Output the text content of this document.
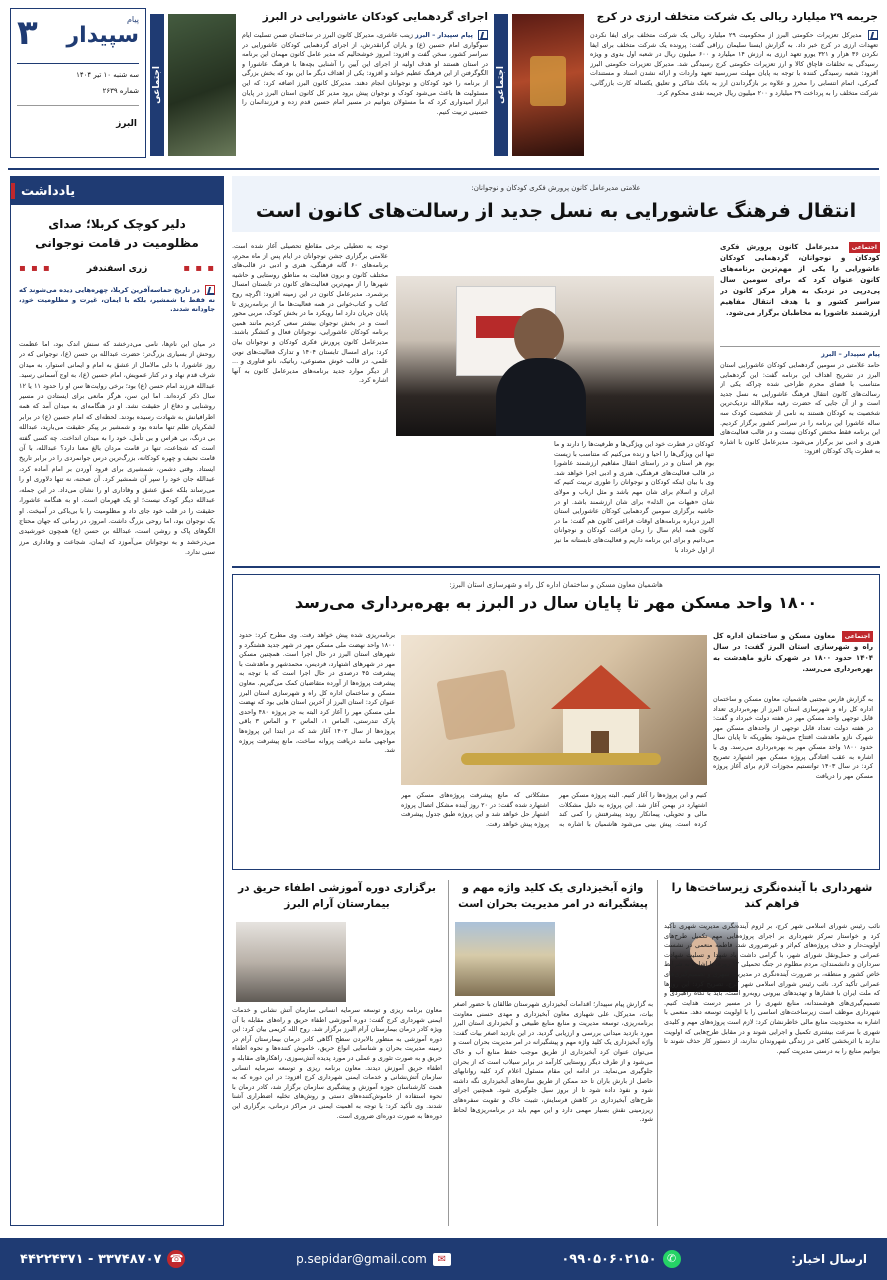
۳	پیام
سپیدار
سه شنبه ۱۰ تیر ۱۴۰۴
شماره ۲۶۳۹
البرز
اجتماعی
اجرای گردهمایی کودکان عاشورایی در البرز
پیام سپیدار – البرز زینب عاشری، مدیرکل کانون البرز در ساختمان ضمن تسلیت ایام سوگواری امام حسین (ع) و یاران گرانقدرش، از اجرای گردهمایی کودکان عاشورایی در سراسر کشور، سخن گفت و افزود: امروز خوشحالیم که مدیر عامل کانون مهمان این برنامه در استان هستند او هدف اولیه از اجرای این آیین را آشنایی بچه‌ها با فرهنگ عاشورا و الگوگرفتن از این فرهنگ عظیم خواند و افزود: یکی از اهداف دیگر ما این بود که بخش بزرگی از برنامه را خود کودکان و نوجوانان انجام دهند. مدیرکل کانون البرز اضافه کرد: که این مسئولیت ها باعث می‌شود کودک و نوجوان پیش برود مدیر کل کانون استان البرز در پایان ابراز امیدواری کرد که ما مسئولان بتوانیم در مسیر امام حسین قدم زده و فرزندانمان را حسینی تربیت کنیم.
اجتماعی
جریمه ۲۹ میلیارد ریالی یک شرکت متخلف ارزی در کرج
مدیرکل تعزیرات حکومتی البرز از محکومیت ۲۹ میلیارد ریالی یک شرکت متخلف برای ایفا نکردن تعهدات ارزی در کرج خبر داد. به گزارش ایسنا سلیمان رزاقی گفت: پرونده یک شرکت متخلف برای ایفا نکردن ۳۶ هزار و ۳۲۱ یورو تعهد ارزی به ارزش ۱۴ میلیارد و ۶۰۰ میلیون ریال در شعبه اول بدوی و ویژه رسیدگی به تخلفات قاچاق کالا و ارز تعزیرات حکومتی کرج رسیدگی شد. مدیرکل تعزیرات حکومتی البرز افزود: شعبه رسیدگی کننده با توجه به پایان مهلت سررسید تعهد واردات و ارائه نشدن اسناد و مستندات گمرکی، اتمام انتسابی را محرز و علاوه بر بازگرداندن ارز به بانک شاکی و تعلیق یکساله کارت بازرگانی، شرکت متخلف را به پرداخت ۲۹ میلیارد و ۲۰۰ میلیون ریال جریمه نقدی محکوم کرد.
یادداشت
دلیر کوچک کربلا؛ صدای مظلومیت در قامت نوجوانی
▪ ▪ ▪
زری اسفندفر
▪ ▪ ▪
در تاریخ حماسه‌آفرین کربلا، چهره‌هایی دیده می‌شوند که نه فقط با شمشیر، بلکه با ایمان، غیرت و مظلومیت خود، جاودانه شدند.
در میان این نام‌ها، نامی می‌درخشد که سنش اندک بود، اما عظمت روحش از بسیاری بزرگ‌تر: حضرت عبدالله بن حسن (ع)، نوجوانی که در روز عاشورا، با دلی مالامال از عشق به امام و ایمانی استوار، به میدان شرف قدم نهاد و در کنار عمویش، امام حسین (ع)، به اوج آسمانی رسید. عبدالله فرزند امام حسن (ع) بود؛ برخی روایت‌ها سن او را حدود ۱۱ یا ۱۲ سال ذکر کرده‌اند. اما این سن، هرگز مانعی برای ایستادن در مسیر روشنایی و دفاع از حقیقت نشد. او در هنگامه‌ای به میدان آمد که همه اطرافیانش به شهادت رسیده بودند. لحظه‌ای که امام حسین (ع) در برابر لشکریان ظلم تنها مانده بود و شمشیر بر پیکر حقیقت می‌بارید، عبدالله بی درنگ، بی هراس و بی تأمل، خود را به میدان انداخت. چه کسی گفته است که شجاعت، تنها در قامت مردان بالغ معنا دارد؟ عبدالله، با آن قامت نحیف و چهره کودکانه، بزرگ‌ترین درس جوانمردی را در برابر تاریخ ایستاد. وقتی دشمن، شمشیری برای فرود آوردن بر امام آماده کرد، عبدالله جان خود را سپر آن شمشیر کرد. آن صحنه، نه تنها دلاوری او را می‌رساند بلکه عمق عشق و وفاداری او را نشان می‌داد. در این جمله، عبدالله دیگر کودک نیست؛ او یک قهرمان است. او به هنگامه عاشورا، حقیقت را در قلب خود جای داد و مظلومیت را با بی‌باکی در آمیخت. او یک نوجوان بود، اما روحی بزرگ داشت. امروز، در زمانی که جهان محتاج الگوهای پاک و روشن است، عبدالله بن حسن (ع) همچون خورشیدی می‌درخشد و به نوجوانان می‌آموزد که ایمان، شجاعت و وفاداری مرز سنی ندارد.
علامتی مدیرعامل کانون پرورش فکری کودکان و نوجوانان:
انتقال فرهنگ عاشورایی به نسل جدید از رسالت‌های کانون است
اجتماعی مدیرعامل کانون پرورش فکری کودکان و نوجوانان، گردهمایی کودکان عاشورایی را یکی از مهم‌ترین برنامه‌های کانون عنوان کرد که برای سومین سال پی‌درپی در نزدیک به هزار مرکز کانون در سراسر کشور و با هدف انتقال مفاهیم ارزشمند عاشورا به مخاطبان برگزار می‌شود.
پیام سپیدار – البرز
حامد علامتی در سومین گردهمایی کودکان عاشورایی استان البرز در تشریح اهداف این برنامه گفت: این گردهمایی متناسب با فضای محرم طراحی شده چراکه یکی از رسالت‌های کانون انتقال فرهنگ عاشورایی به نسل جدید است و از آن جایی که حضرت رقیه سلام‌الله نزدیک‌ترین شخصیت به کودکان هستند به نامی از شخصیت کودک سه ساله عاشورا این برنامه را در سراسر کشور برگزار کردیم. این برنامه فقط مختص کودکان نیست و در قالب فعالیت‌های هنری و ادبی نیز برگزار می‌شود. مدیرعامل کانون با اشاره به فطرت پاک کودکان افزود:
کودکان در فطرت خود این ویژگی‌ها و ظرفیت‌ها را دارند و ما تنها این ویژگی‌ها را احیا و زنده می‌کنیم که متناسب با زیست بوم هر استان و در راستای انتقال مفاهیم ارزشمند عاشورا در قالب فعالیت‌های فرهنگی، هنری و ادبی اجرا خواهد شد. وی با بیان اینکه کودکان و نوجوانان را طوری تربیت کنیم که ایران و اسلام برای شان مهم باشد و مثل ارباب و مولای شان «هیهات من الذله» برای شان ارزشمند باشد. او در حاشیه برگزاری سومین گردهمایی کودکان عاشورایی استان البرز درباره برنامه‌های اوقات فراغتی کانون هم گفت: ما در کانون همه ایام سال را زمان فراغت کودکان و نوجوانان می‌دانیم و برای این برنامه داریم و فعالیت‌های تابستانه ما نیز از اول خرداد با
توجه به تعطیلی برخی مقاطع تحصیلی آغاز شده است. علامتی برگزاری جشن نوجوانان در ایام پس از ماه محرم، برنامه‌های ۶۰ گانه فرهنگی، هنری و ادبی در قالب‌های مختلف کانون و برون فعالیت به مناطق روستایی و حاشیه شهرها را از مهم‌ترین فعالیت‌های کانون در تابستان امسال برشمرد. مدیرعامل کانون در این زمینه افزود: اگرچه روح کتاب و کتاب‌خوانی در همه فعالیت‌ها ما از برنامه‌ریزی تا پایان جریان دارد اما رویکرد ما در بخش کودک، مربی محور است و در بخش نوجوان بیشتر سعی کردیم مانند همین برنامه کودکان عاشورایی، نوجوانان فعال و کنشگر باشند. مدیرعامل کانون پرورش فکری کودکان و نوجوانان بیان کرد: برای امسال تابستان ۱۴۰۴ و تدارک فعالیت‌های نوین علمی، در قالب خوش مصنوعی، رباتیک، نانو فناوری و ... از دیگر موارد جدید برنامه‌های مدیرعامل کانون به آنها اشاره کرد.
هاشمیان معاون مسکن و ساختمان اداره کل راه و شهرسازی استان البرز:
۱۸۰۰ واحد مسکن مهر تا پایان سال در البرز به بهره‌برداری می‌رسد
اجتماعی معاون مسکن و ساختمان اداره کل راه و شهرسازی استان البرز گفت: در سال ۱۴۰۴ حدود ۱۸۰۰ در شهرک نازو ماهدشت به بهره‌برداری می‌رسد.
به گزارش فارس مجتبی هاشمیان، معاون مسکن و ساختمان اداره کل راه و شهرسازی استان البرز از بهره‌برداری تعداد قابل توجهی واحد مسکن مهر در هفته دولت خبرداد و گفت: در هفته دولت تعداد قابل توجهی از واحدهای مسکن مهر شهرک نازو ماهدشت افتتاح می‌شود بطوریکه تا پایان سال حدود ۱۸۰۰ واحد مسکن مهر به بهره‌برداری می‌رسد. وی با اشاره به عقب افتادگی پروژه مسکن مهر اشتهارد تصریح کرد: در سال ۱۴۰۳ توانستیم مجوزات لازم برای آغاز پروژه مسکن مهر را دریافت
کنیم و این پروژه‌ها را آغاز کنیم. البته پروژه مسکن مهر اشتهارد در بهمن آغاز شد. این پروژه به دلیل مشکلات مالی و تحویلی، پیمانکار روند پیشرفتش را کمی کند کرده است. پیش بینی می‌شود هاشمیان با اشاره به مشکلاتی که مانع پیشرفت پروژه‌های مسکن مهر اشتهارد شده گفت: در ۲۰ روز آینده مشکل اتصال پروژه اشتهار حل خواهد شد و این پروژه طبق جدول پیشرفت پروژه پیش خواهد رفت.
برنامه‌ریزی شده پیش خواهد رفت. وی مطرح کرد: حدود ۱۸۰۰ واحد نهضت ملی مسکن مهر در شهر جدید هشتگرد و شهرهای استان البرز در حال اجرا است. همچنین مسکن مهر در شهرهای اشتهارد، فردیس، محمدشهر و ماهدشت با پیشرفت ۴۵ درصدی در حال اجرا است که با توجه به پیشرفت پروژه‌ها از آورده متقاضیان کمک می‌گیریم. معاون مسکن و ساختمان اداره کل راه و شهرسازی استان البرز عنوان کرد: استان البرز از آخرین استان هایی بود که نهضت ملی مسکن مهر را آغاز کرد البته به جز پروژه ۴۸۰ واحدی پارک تندرستی، الماس ۱، الماس ۲ و الماس ۳ باقی پروژه‌ها از سال ۱۴۰۲ آغاز شد که در ابتدا این پروژه‌ها مواجهی مانند دریافت پروانه ساخت، مانع پیشرفت پروژه شد.
شهرداری با آینده‌نگری زیرساخت‌ها را فراهم کند
نائب رئیس شورای اسلامی شهر کرج، بر لزوم آینده‌نگری مدیریت شهری تأکید کرد و خواستار تمرکز شهرداری بر اجرای پروژه‌هایی مهم تکمیل طرح‌های اولویت‌دار و حذف پروژه‌های کم‌اثر و غیرضروری شد. فاطمه منعمی در نشست عمرانی و حمل‌ونقل شورای شهر، با گرامی داشت یاد شهدا و تسلیت شهادت سرداران و دانشمندان، مردم مظلوم در جنگ تحمیلی ۱۲ روزه، با اشاره به شرایط خاص کشور و منطقه، بر ضرورت آینده‌نگری در مدیریت شهری و تصمیم‌گیری‌های عمرانی تأکید کرد. نائب رئیس شورای اسلامی شهر کرج، تصریح کرد: این روزها که ملت ایران با فشارها و تهدیدهای بیرونی روبه‌رو است، باید با نگاه راهبردی و تصمیم‌گیری‌های هوشمندانه، منابع شهری را در مسیر درست هدایت کنیم. شهرداری موظف است زیرساخت‌های اساسی را با اولویت توسعه دهد. منعمی با اشاره به محدودیت منابع مالی خاطرنشان کرد: لازم است پروژه‌های مهم و کلیدی شهری با سرعت بیشتری تکمیل و اجرایی شوند و در مقابل طرح‌هایی که اولویت ندارند یا اثربخشی کافی در زندگی شهروندان ندارند، از دستور کار حذف شوند تا بتوانیم منابع را به درستی مدیریت کنیم.
واژه آبخیزداری یک کلید واژه مهم و پیشگیرانه در امر مدیریت بحران است
به گزارش پیام سپیدار؛ اقدامات آبخیزداری شهرستان طالقان با حضور اصغر بیات، مدیرکل، علی شهبازی معاون آبخیزداری و مهدی حسنی معاونت برنامه‌ریزی، توسعه مدیریت و منابع منابع طبیعی و آبخیزداری استان البرز مورد بازدید میدانی بررسی و ارزیابی گردید. در این بازدید اصغر بیات گفت: واژه آبخیزداری یک کلید واژه مهم و پیشگیرانه در امر مدیریت بحران است و می‌توان عنوان کرد آبخیزداری از طریق موجب حفظ منابع آب و خاک می‌شود و از طرف دیگر روستایی کارآمد در برابر سیلاب است که از بحران جلوگیری می‌نماید. در ادامه این مقام مسئول اعلام کرد کلیه روانابهای حاصل از بارش باران تا حد ممکن از طریق سازه‌های آبخیزداری نگه داشته شود و نفوذ داده شود تا از بروز سیل جلوگیری شود. همچنین اجرای طرح‌های آبخیزداری در کاهش فرسایش، تثبیت خاک و تقویت سفره‌های زیرزمینی نقش بسیار مهمی دارد و این مهم باید در برنامه‌ریزی‌ها لحاظ شود.
برگزاری دوره آموزشی اطفاء حریق در بیمارستان آرام البرز
معاون برنامه ریزی و توسعه سرمایه انسانی سازمان آتش نشانی و خدمات ایمنی شهرداری کرج گفت: دوره آموزشی اطفاء حریق و راه‌های مقابله با آن ویژه کادر درمان بیمارستان آرام البرز برگزار شد. روح الله کریمی بیان کرد: این دوره آموزشی به منظور بالابردن سطح آگاهی کادر درمان بیمارستان آرام در زمینه مدیریت بحران و شناسایی انواع حریق، خاموش کننده‌ها و نحوه اطفاء حریق و به صورت تئوری و عملی در مورد پدیده آتش‌سوزی، راهکارهای مقابله و اطفاء حریق آموزش دیدند. معاون برنامه ریزی و توسعه سرمایه انسانی سازمان آتش‌نشانی و خدمات ایمنی شهرداری کرج افزود: در این دوره که به همت کارشناسان حوزه آموزش و پیشگیری سازمان برگزار شد، کادر درمان با نحوه استفاده از خاموش‌کننده‌های دستی و روش‌های تخلیه اضطراری آشنا شدند. وی تأکید کرد: با توجه به اهمیت ایمنی در مراکز درمانی، برگزاری این دوره‌ها به صورت دوره‌ای ضروری است.
ارسال اخبار:
✆
۰۹۹۰۵۰۶۰۲۱۵۰
✉
p.sepidar@gmail.com
☎
۳۳۷۴۸۷۰۷ - ۴۴۲۲۴۳۷۱
